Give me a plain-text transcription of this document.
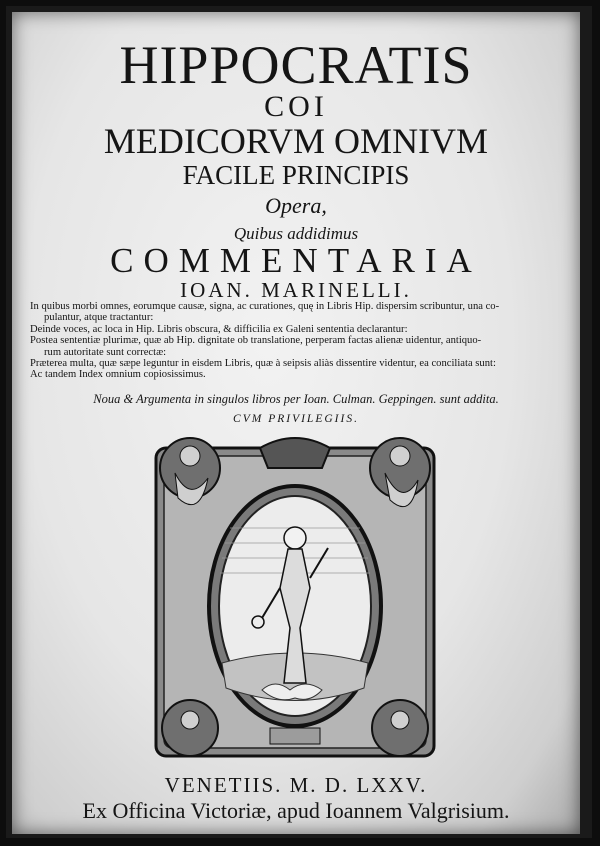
HIPPOCRATIS
COI
MEDICORVM OMNIVM
FACILE PRINCIPIS
Opera,
Quibus addidimus
COMMENTARIA
IOAN. MARINELLI.
In quibus morbi omnes, eorumque causæ, signa, ac curationes, quę in Libris Hip. dispersim scribuntur, una co-
pulantur, atque tractantur:
Deinde voces, ac loca in Hip. Libris obscura, & difficilia ex Galeni sententia declarantur:
Postea sententiæ plurimæ, quæ ab Hip. dignitate ob translatione, perperam factas alienæ uidentur, antiquo-
rum autoritate sunt correctæ:
Præterea multa, quæ sæpe leguntur in eisdem Libris, quæ à seipsis aliàs dissentire videntur, ea conciliata sunt:
Ac tandem Index omnium copiosissimus.
Noua & Argumenta in singulos libros per Ioan. Culman. Geppingen. sunt addita.
CVM PRIVILEGIIS.
VENETIIS. M. D. LXXV.
Ex Officina Victoriæ, apud Ioannem Valgrisium.
